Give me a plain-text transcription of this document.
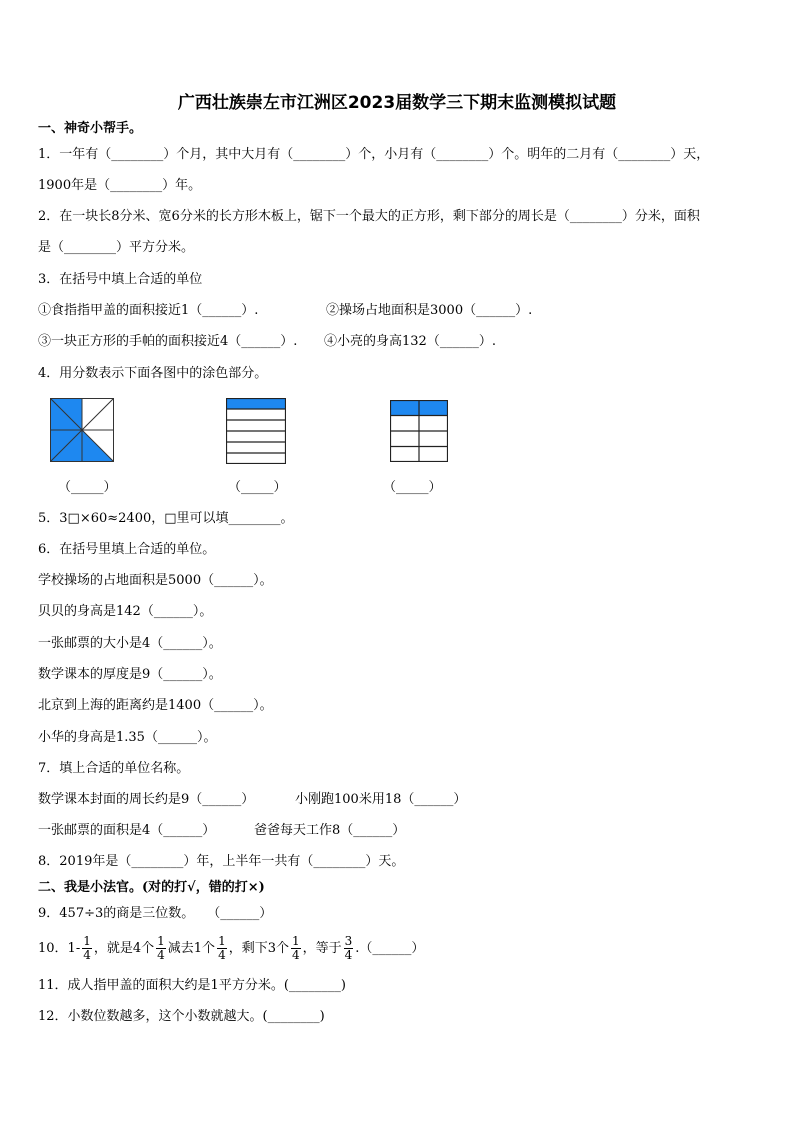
广西壮族崇左市江洲区2023届数学三下期末监测模拟试题
一、神奇小帮手。
1．一年有（________）个月，其中大月有（________）个，小月有（________）个。明年的二月有（________）天，
1900年是（________）年。
2．在一块长8分米、宽6分米的长方形木板上，锯下一个最大的正方形，剩下部分的周长是（________）分米，面积
是（________）平方分米。
3．在括号中填上合适的单位
①食指指甲盖的面积接近1（______）.	②操场占地面积是3000（______）.
③一块正方形的手帕的面积接近4（______）. ④小亮的身高132（______）.
4．用分数表示下面各图中的涂色部分。
（_____）	（_____）	（_____）
5．3□×60≈2400，□里可以填________。
6．在括号里填上合适的单位。
学校操场的占地面积是5000（______）。
贝贝的身高是142（______）。
一张邮票的大小是4（______）。
数学课本的厚度是9（______）。
北京到上海的距离约是1400（______）。
小华的身高是1.35（______）。
7．填上合适的单位名称。
数学课本封面的周长约是9（______）	小刚跑100米用18（______）
一张邮票的面积是4（______）	爸爸每天工作8（______）
8．2019年是（________）年，上半年一共有（________）天。
二、我是小法官。(对的打√，错的打×)
9．457÷3的商是三位数。　　（______）
10．$1- \frac{1}{4}$ ，就是4个 $\frac{1}{4}$ 减去1个 $\frac{1}{4}$ ，剩下3个 $\frac{1}{4}$ ，等于 $\frac{3}{4}$ .（______）
11．成人指甲盖的面积大约是1平方分米。(________)
12．小数位数越多，这个小数就越大。(________)
